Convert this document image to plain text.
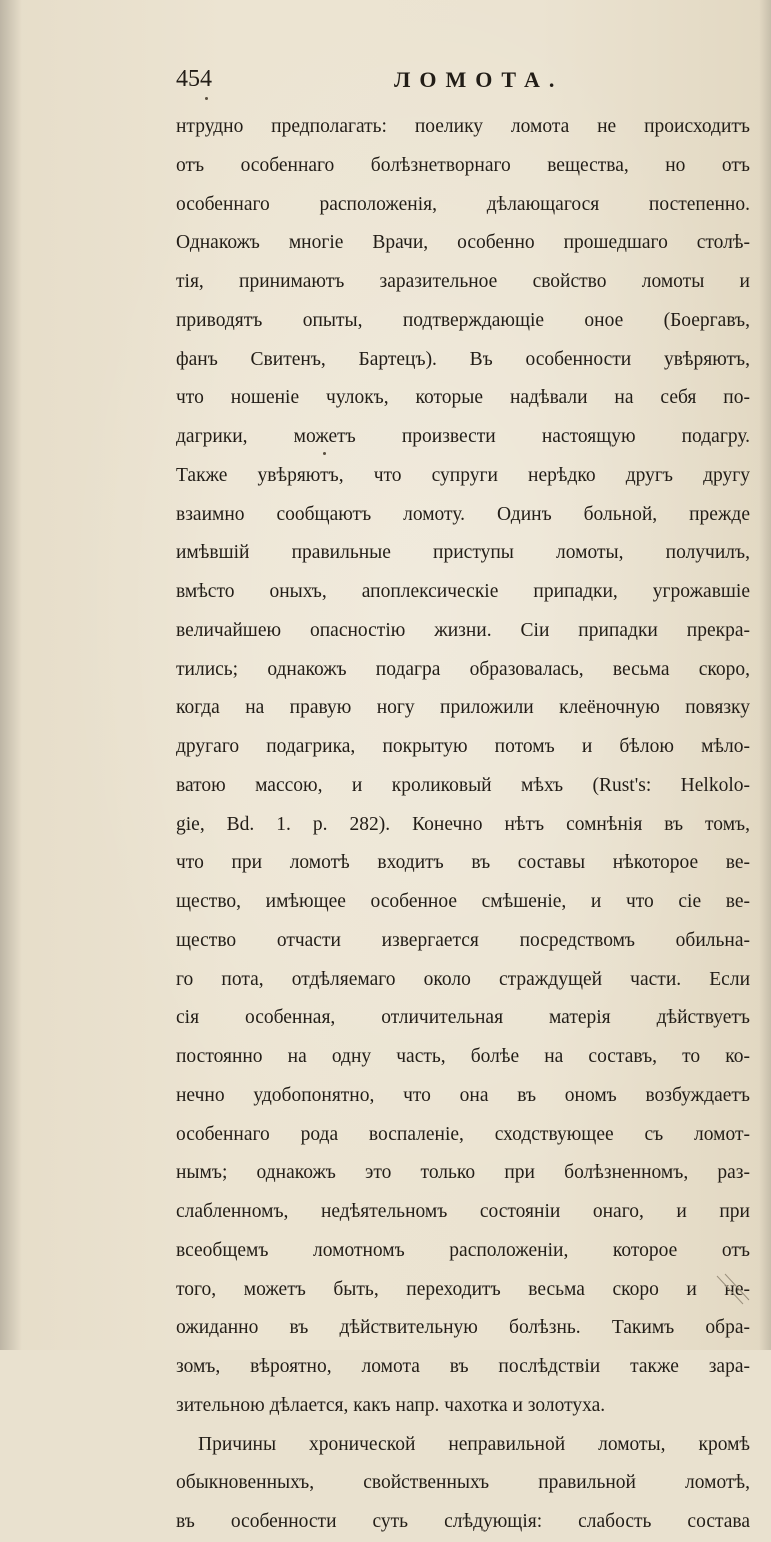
454	ЛОМОТА.
нтрудно предполагать: поелику ломота не происходитъ
отъ особеннаго болѣзнетворнаго вещества, но отъ
особеннаго расположенія, дѣлающагося постепенно.
Однакожъ многіе Врачи, особенно прошедшаго столѣ-
тія, принимаютъ заразительное свойство ломоты и
приводятъ опыты, подтверждающіе оное (Боергавъ,
фанъ Свитенъ, Бартецъ). Въ особенности увѣряютъ,
что ношеніе чулокъ, которые надѣвали на себя по-
дагрики, можетъ произвести настоящую подагру.
Также увѣряютъ, что супруги нерѣдко другъ другу
взаимно сообщаютъ ломоту. Одинъ больной, прежде
имѣвшій правильные приступы ломоты, получилъ,
вмѣсто оныхъ, апоплексическіе припадки, угрожавшіе
величайшею опасностію жизни. Сіи припадки прекра-
тились; однакожъ подагра образовалась, весьма скоро,
когда на правую ногу приложили клеёночную повязку
другаго подагрика, покрытую потомъ и бѣлою мѣло-
ватою массою, и кроликовый мѣхъ (Rust's: Helkolo-
gie, Bd. 1. p. 282). Конечно нѣтъ сомнѣнія въ томъ,
что при ломотѣ входитъ въ составы нѣкоторое ве-
щество, имѣющее особенное смѣшеніе, и что сіе ве-
щество отчасти извергается посредствомъ обильна-
го пота, отдѣляемаго около страждущей части. Если
сія особенная, отличительная матерія дѣйствуетъ
постоянно на одну часть, болѣе на составъ, то ко-
нечно удобопонятно, что она въ ономъ возбуждаетъ
особеннаго рода воспаленіе, сходствующее съ ломот-
нымъ; однакожъ это только при болѣзненномъ, раз-
слабленномъ, недѣятельномъ состояніи онаго, и при
всеобщемъ ломотномъ расположеніи, которое отъ
того, можетъ быть, переходитъ весьма скоро и не-
ожиданно въ дѣйствительную болѣзнь. Такимъ обра-
зомъ, вѣроятно, ломота въ послѣдствіи также зара-
зительною дѣлается, какъ напр. чахотка и золотуха.
Причины хронической неправильной ломоты, кромѣ
обыкновенныхъ, свойственныхъ правильной ломотѣ,
въ особенности суть слѣдующія: слабость состава
